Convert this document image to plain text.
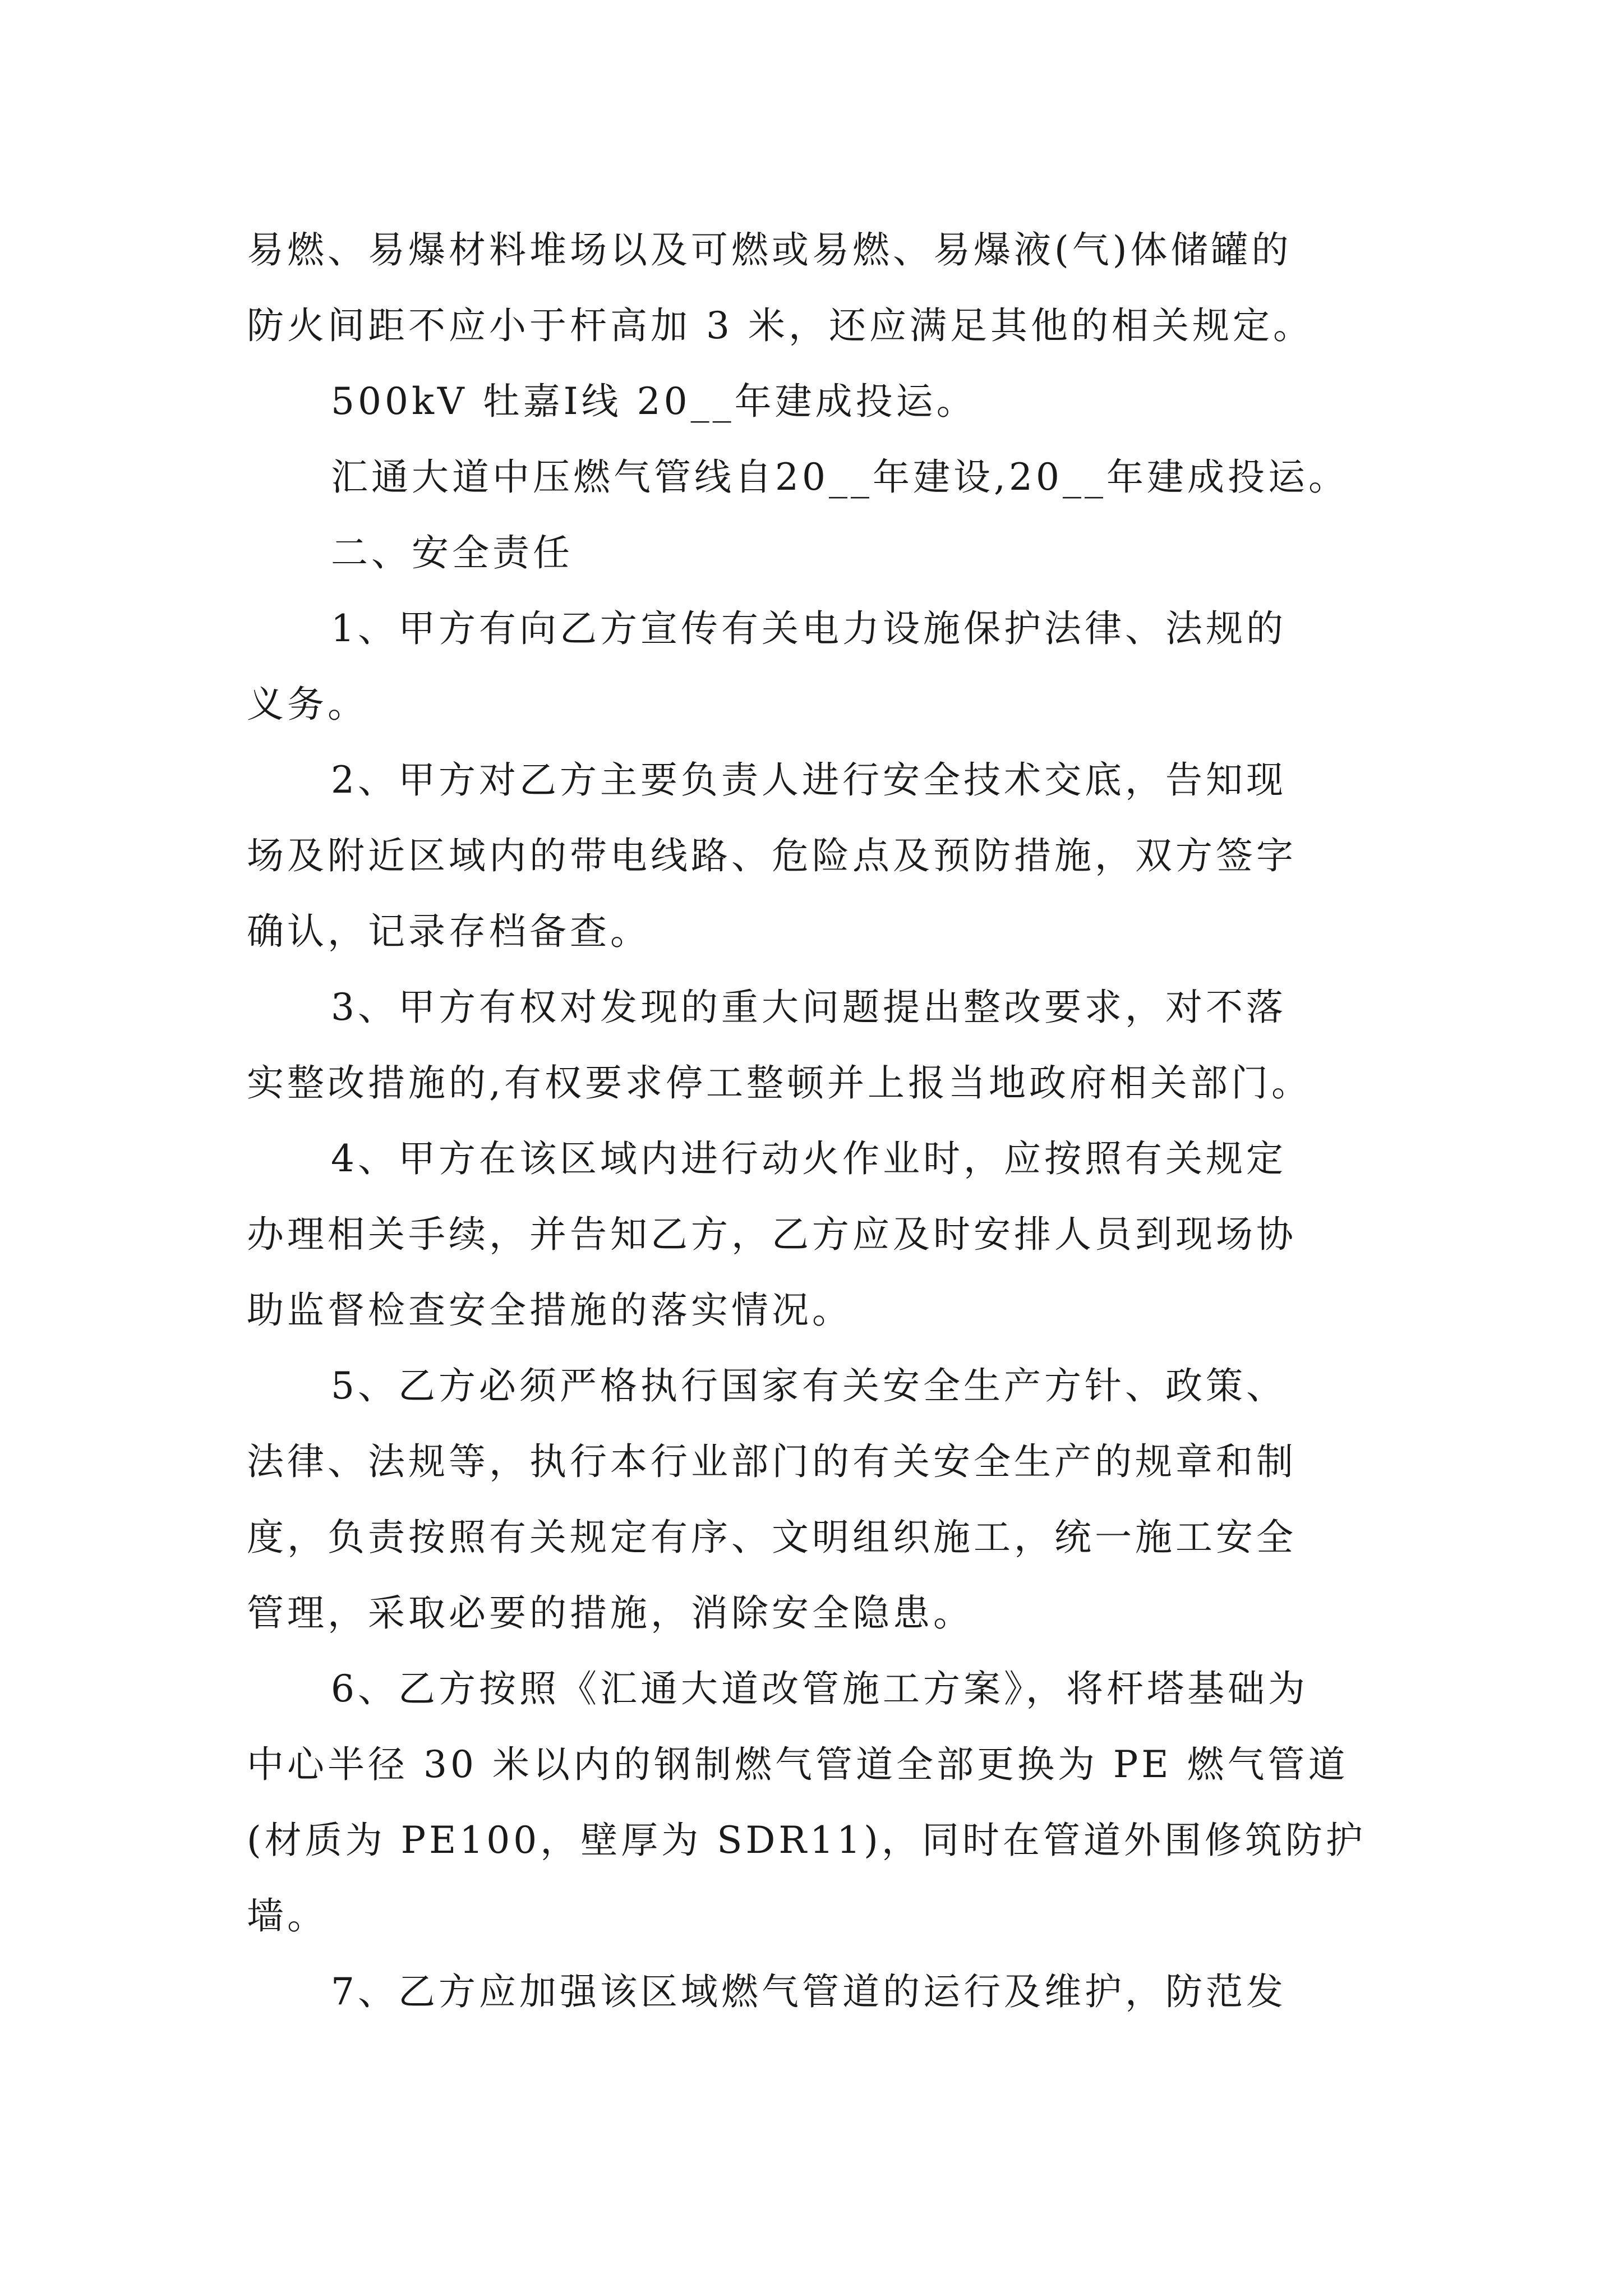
易燃、易爆材料堆场以及可燃或易燃、易爆液(气)体储罐的
防火间距不应小于杆高加 3 米，还应满足其他的相关规定。

500kV 牡嘉Ⅰ线 20__年建成投运。

汇通大道中压燃气管线自20__年建设,20__年建成投运。

二、安全责任

1、甲方有向乙方宣传有关电力设施保护法律、法规的
义务。

2、甲方对乙方主要负责人进行安全技术交底，告知现
场及附近区域内的带电线路、危险点及预防措施，双方签字
确认，记录存档备查。

3、甲方有权对发现的重大问题提出整改要求，对不落
实整改措施的,有权要求停工整顿并上报当地政府相关部门。

4、甲方在该区域内进行动火作业时，应按照有关规定
办理相关手续，并告知乙方，乙方应及时安排人员到现场协
助监督检查安全措施的落实情况。

5、乙方必须严格执行国家有关安全生产方针、政策、
法律、法规等，执行本行业部门的有关安全生产的规章和制
度，负责按照有关规定有序、文明组织施工，统一施工安全
管理，采取必要的措施，消除安全隐患。

6、乙方按照《汇通大道改管施工方案》，将杆塔基础为
中心半径 30 米以内的钢制燃气管道全部更换为 PE 燃气管道
(材质为 PE100，壁厚为 SDR11)，同时在管道外围修筑防护
墙。

7、乙方应加强该区域燃气管道的运行及维护，防范发
